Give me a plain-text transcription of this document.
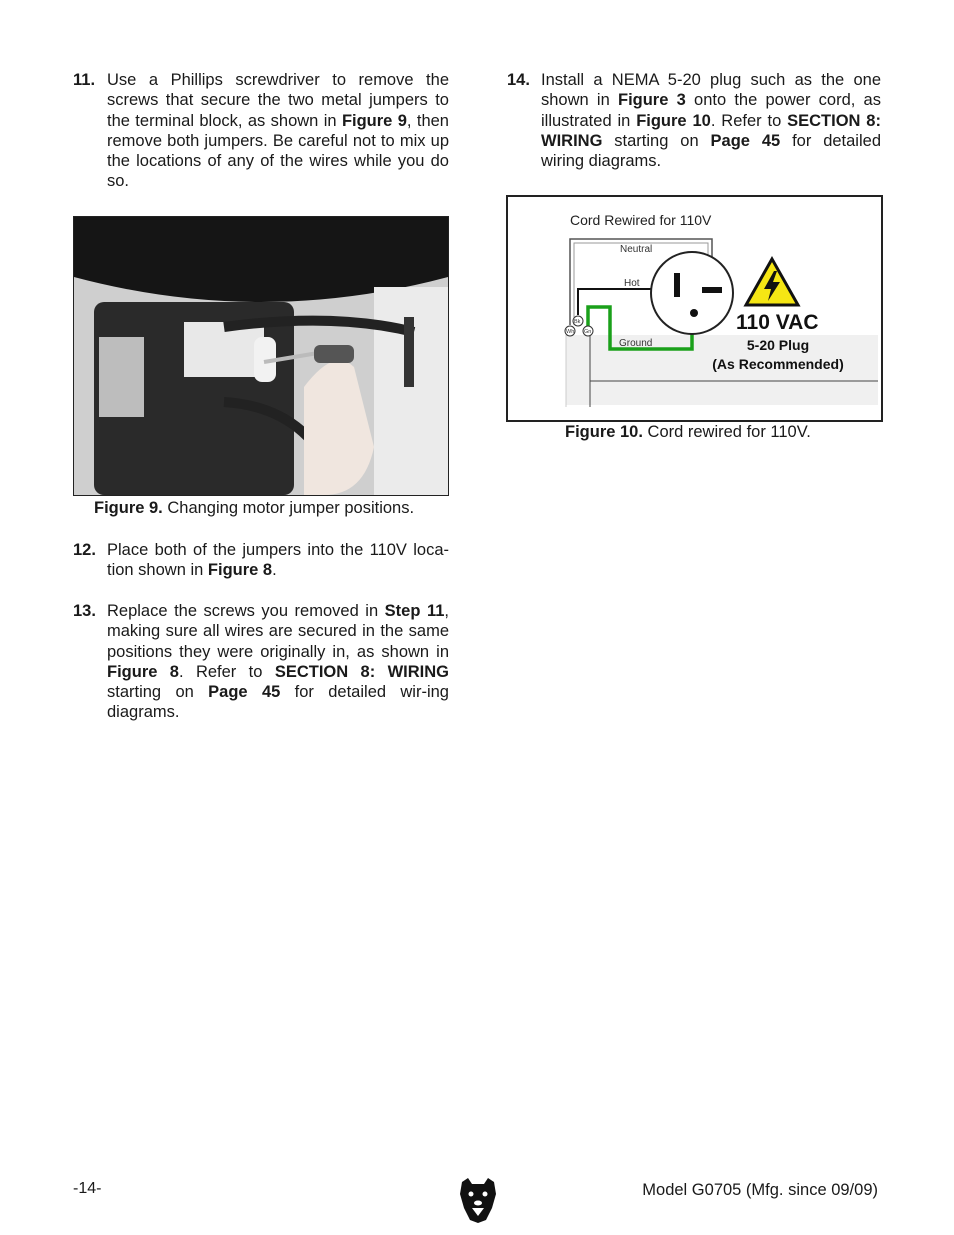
11. Use a Phillips screwdriver to remove the screws that secure the two metal jumpers to the terminal block, as shown in Figure 9, then remove both jumpers. Be careful not to mix up the locations of any of the wires while you do so.
Figure 9. Changing motor jumper positions.
12. Place both of the jumpers into the 110V loca-tion shown in Figure 8.
13. Replace the screws you removed in Step 11, making sure all wires are secured in the same positions they were originally in, as shown in Figure 8. Refer to SECTION 8: WIRING starting on Page 45 for detailed wir-ing diagrams.
14. Install a NEMA 5-20 plug such as the one shown in Figure 3 onto the power cord, as illustrated in Figure 10. Refer to SECTION 8: WIRING starting on Page 45 for detailed wiring diagrams.
Cord Rewired for 110V
Neutral
Hot
Ground
Bk
Wh Gn	110 VAC
5-20 Plug
(As Recommended)
Figure 10. Cord rewired for 110V.
-14-	Model G0705 (Mfg. since 09/09)
